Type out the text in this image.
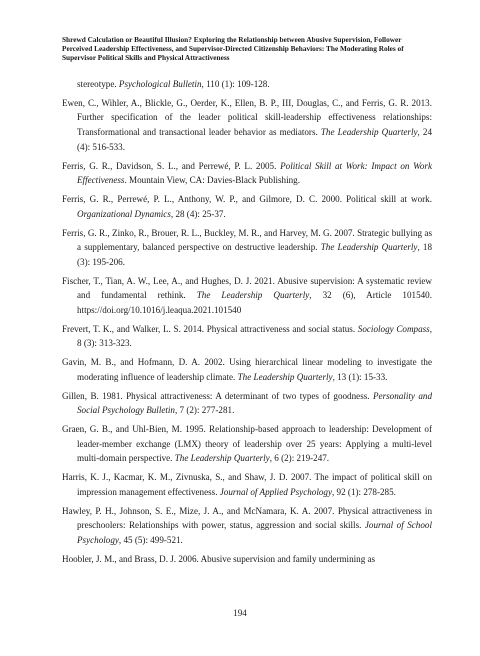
Shrewd Calculation or Beautiful Illusion? Exploring the Relationship between Abusive Supervision, Follower Perceived Leadership Effectiveness, and Supervisor-Directed Citizenship Behaviors: The Moderating Roles of Supervisor Political Skills and Physical Attractiveness

stereotype. Psychological Bulletin, 110 (1): 109-128.

Ewen, C., Wihler, A., Blickle, G., Oerder, K., Ellen, B. P., III, Douglas, C., and Ferris, G. R. 2013. Further specification of the leader political skill-leadership effectiveness relationships: Transformational and transactional leader behavior as mediators. The Leadership Quarterly, 24 (4): 516-533.

Ferris, G. R., Davidson, S. L., and Perrewé, P. L. 2005. Political Skill at Work: Impact on Work Effectiveness. Mountain View, CA: Davies-Black Publishing.

Ferris, G. R., Perrewé, P. L., Anthony, W. P., and Gilmore, D. C. 2000. Political skill at work. Organizational Dynamics, 28 (4): 25-37.

Ferris, G. R., Zinko, R., Brouer, R. L., Buckley, M. R., and Harvey, M. G. 2007. Strategic bullying as a supplementary, balanced perspective on destructive leadership. The Leadership Quarterly, 18 (3): 195-206.

Fischer, T., Tian, A. W., Lee, A., and Hughes, D. J. 2021. Abusive supervision: A systematic review and fundamental rethink. The Leadership Quarterly, 32 (6), Article 101540. https://doi.org/10.1016/j.leaqua.2021.101540

Frevert, T. K., and Walker, L. S. 2014. Physical attractiveness and social status. Sociology Compass, 8 (3): 313-323.

Gavin, M. B., and Hofmann, D. A. 2002. Using hierarchical linear modeling to investigate the moderating influence of leadership climate. The Leadership Quarterly, 13 (1): 15-33.

Gillen, B. 1981. Physical attractiveness: A determinant of two types of goodness. Personality and Social Psychology Bulletin, 7 (2): 277-281.

Graen, G. B., and Uhl-Bien, M. 1995. Relationship-based approach to leadership: Development of leader-member exchange (LMX) theory of leadership over 25 years: Applying a multi-level multi-domain perspective. The Leadership Quarterly, 6 (2): 219-247.

Harris, K. J., Kacmar, K. M., Zivnuska, S., and Shaw, J. D. 2007. The impact of political skill on impression management effectiveness. Journal of Applied Psychology, 92 (1): 278-285.

Hawley, P. H., Johnson, S. E., Mize, J. A., and McNamara, K. A. 2007. Physical attractiveness in preschoolers: Relationships with power, status, aggression and social skills. Journal of School Psychology, 45 (5): 499-521.

Hoobler, J. M., and Brass, D. J. 2006. Abusive supervision and family undermining as

194
